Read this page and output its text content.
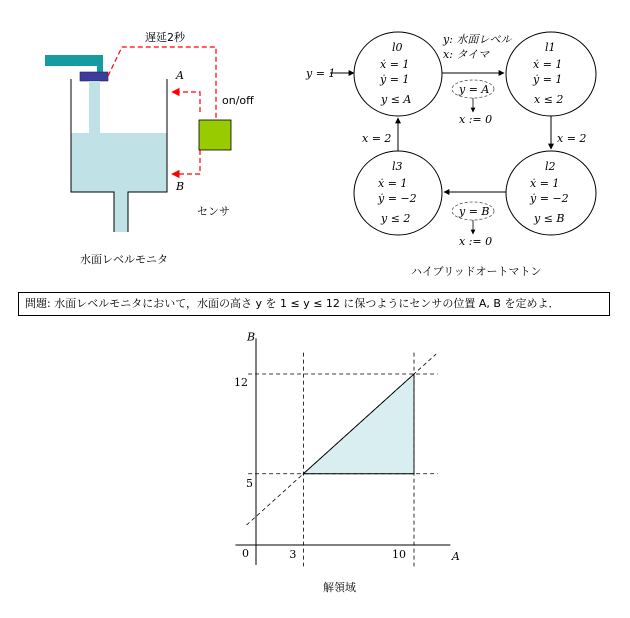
遅延2秒
on/off
A
B
センサ
水面レベルモニタ
y: 水面レベル
x: タイマ
y = 1
l0
ẋ = 1
ẏ = 1
y ≤ A
l1
ẋ = 1
ẏ = 1
x ≤ 2
l2
ẋ = 1
ẏ = −2
y ≤ B
l3
ẋ = 1
ẏ = −2
y ≤ 2
y = A
x := 0
x = 2
y = B
x := 0
x = 2
ハイブリッドオートマトン
A
B
0	3	10
5
12
解領域
問題: 水面レベルモニタにおいて，水面の高さ y を 1 ≤ y ≤ 12 に保つようにセンサの位置 A, B を定めよ．
